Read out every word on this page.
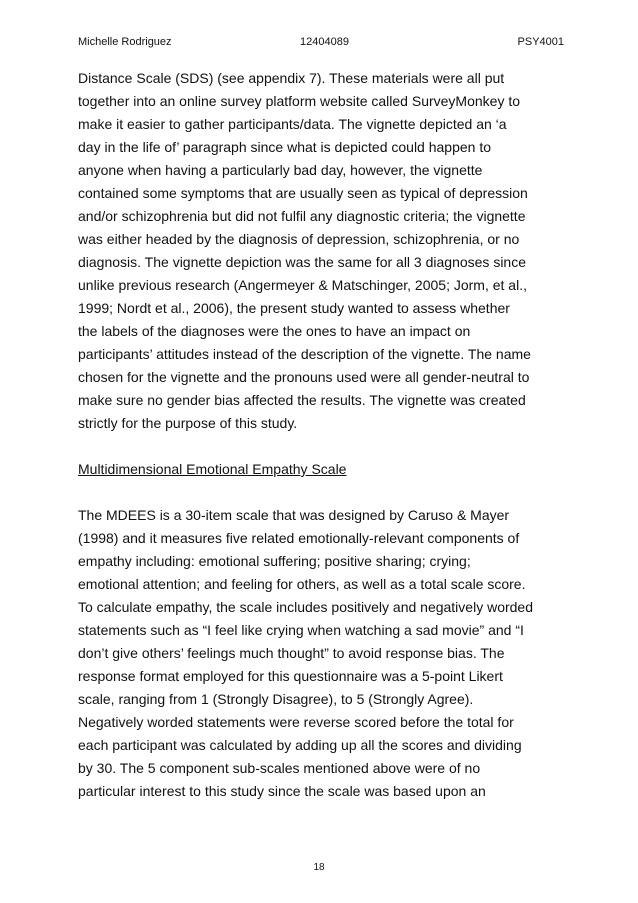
Michelle Rodriguez	12404089	PSY4001

Distance Scale (SDS) (see appendix 7). These materials were all put
together into an online survey platform website called SurveyMonkey to
make it easier to gather participants/data. The vignette depicted an ‘a
day in the life of’ paragraph since what is depicted could happen to
anyone when having a particularly bad day, however, the vignette
contained some symptoms that are usually seen as typical of depression
and/or schizophrenia but did not fulfil any diagnostic criteria; the vignette
was either headed by the diagnosis of depression, schizophrenia, or no
diagnosis. The vignette depiction was the same for all 3 diagnoses since
unlike previous research (Angermeyer & Matschinger, 2005; Jorm, et al.,
1999; Nordt et al., 2006), the present study wanted to assess whether
the labels of the diagnoses were the ones to have an impact on
participants’ attitudes instead of the description of the vignette. The name
chosen for the vignette and the pronouns used were all gender-neutral to
make sure no gender bias affected the results. The vignette was created
strictly for the purpose of this study.

Multidimensional Emotional Empathy Scale

The MDEES is a 30-item scale that was designed by Caruso & Mayer
(1998) and it measures five related emotionally-relevant components of
empathy including: emotional suffering; positive sharing; crying;
emotional attention; and feeling for others, as well as a total scale score.
To calculate empathy, the scale includes positively and negatively worded
statements such as “I feel like crying when watching a sad movie” and “I
don’t give others’ feelings much thought” to avoid response bias. The
response format employed for this questionnaire was a 5-point Likert
scale, ranging from 1 (Strongly Disagree), to 5 (Strongly Agree).
Negatively worded statements were reverse scored before the total for
each participant was calculated by adding up all the scores and dividing
by 30. The 5 component sub-scales mentioned above were of no
particular interest to this study since the scale was based upon an

18
